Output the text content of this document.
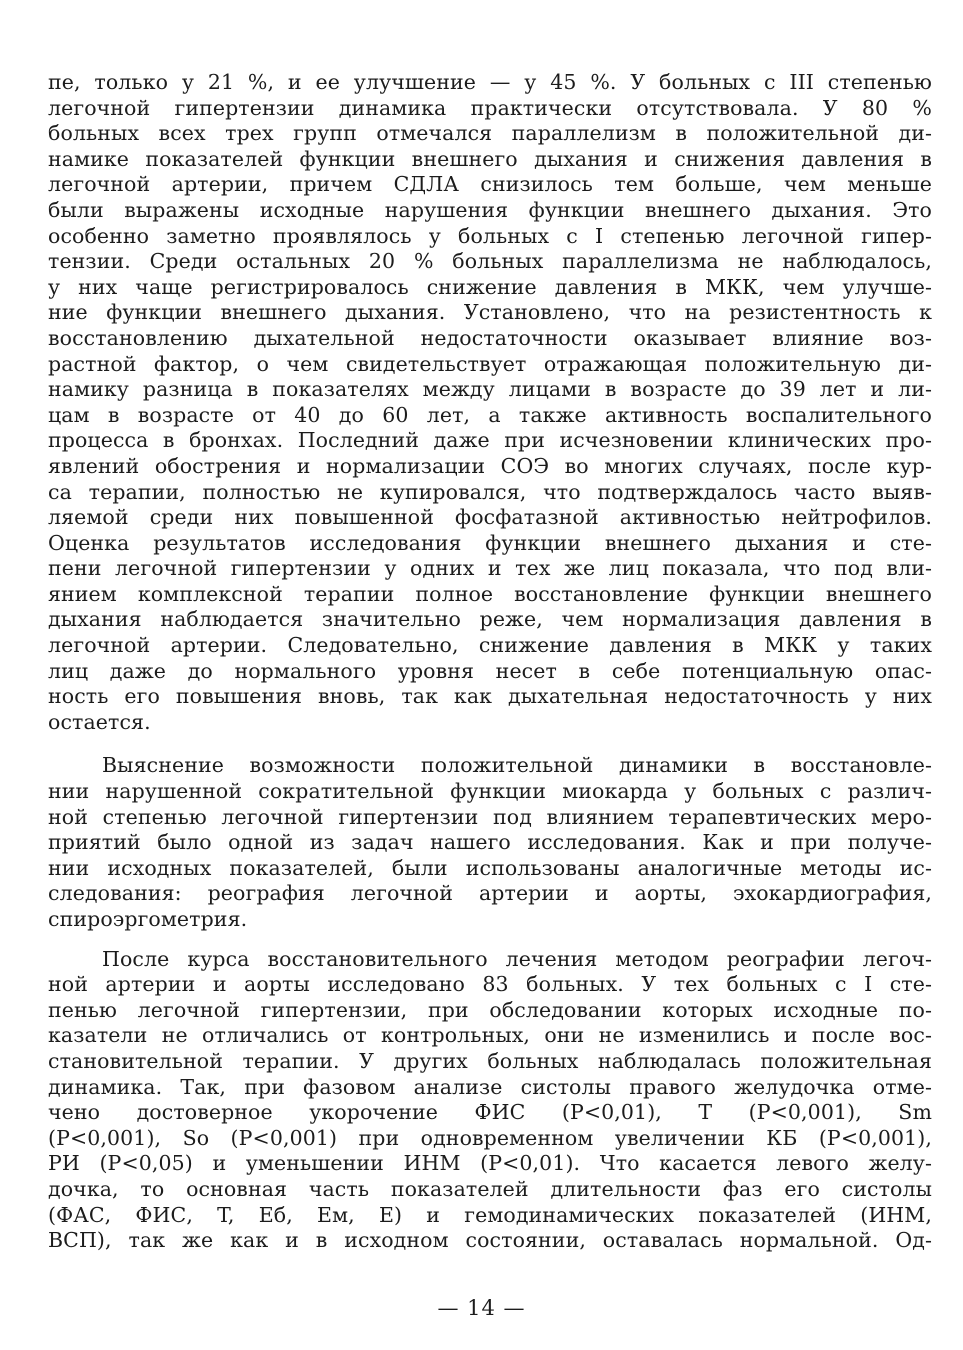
пе, только у 21 %, и ее улучшение — у 45 %. У больных с III степенью
легочной гипертензии динамика практически отсутствовала. У 80 %
больных всех трех групп отмечался параллелизм в положительной ди-
намике показателей функции внешнего дыхания и снижения давления в
легочной артерии, причем СДЛА снизилось тем больше, чем меньше
были выражены исходные нарушения функции внешнего дыхания. Это
особенно заметно проявлялось у больных с I степенью легочной гипер-
тензии. Среди остальных 20 % больных параллелизма не наблюдалось,
у них чаще регистрировалось снижение давления в МКК, чем улучше-
ние функции внешнего дыхания. Установлено, что на резистентность к
восстановлению дыхательной недостаточности оказывает влияние воз-
растной фактор, о чем свидетельствует отражающая положительную ди-
намику разница в показателях между лицами в возрасте до 39 лет и ли-
цам в возрасте от 40 до 60 лет, а также активность воспалительного
процесса в бронхах. Последний даже при исчезновении клинических про-
явлений обострения и нормализации СОЭ во многих случаях, после кур-
са терапии, полностью не купировался, что подтверждалось часто выяв-
ляемой среди них повышенной фосфатазной активностью нейтрофилов.
Оценка результатов исследования функции внешнего дыхания и сте-
пени легочной гипертензии у одних и тех же лиц показала, что под вли-
янием комплексной терапии полное восстановление функции внешнего
дыхания наблюдается значительно реже, чем нормализация давления в
легочной артерии. Следовательно, снижение давления в МКК у таких
лиц даже до нормального уровня несет в себе потенциальную опас-
ность его повышения вновь, так как дыхательная недостаточность у них
остается.
Выяснение возможности положительной динамики в восстановле-
нии нарушенной сократительной функции миокарда у больных с различ-
ной степенью легочной гипертензии под влиянием терапевтических меро-
приятий было одной из задач нашего исследования. Как и при получе-
нии исходных показателей, были использованы аналогичные методы ис-
следования: реография легочной артерии и аорты, эхокардиография,
спироэргометрия.
После курса восстановительного лечения методом реографии легоч-
ной артерии и аорты исследовано 83 больных. У тех больных с I сте-
пенью легочной гипертензии, при обследовании которых исходные по-
казатели не отличались от контрольных, они не изменились и после вос-
становительной терапии. У других больных наблюдалась положительная
динамика. Так, при фазовом анализе систолы правого желудочка отме-
чено достоверное укорочение ФИС (P<0,01), T (P<0,001), Sm
(P<0,001), So (P<0,001) при одновременном увеличении КБ (P<0,001),
РИ (P<0,05) и уменьшении ИНМ (P<0,01). Что касается левого желу-
дочка, то основная часть показателей длительности фаз его систолы
(ФАС, ФИС, T, Еб, Ем, Е) и гемодинамических показателей (ИНМ,
ВСП), так же как и в исходном состоянии, оставалась нормальной. Од-
— 14 —
